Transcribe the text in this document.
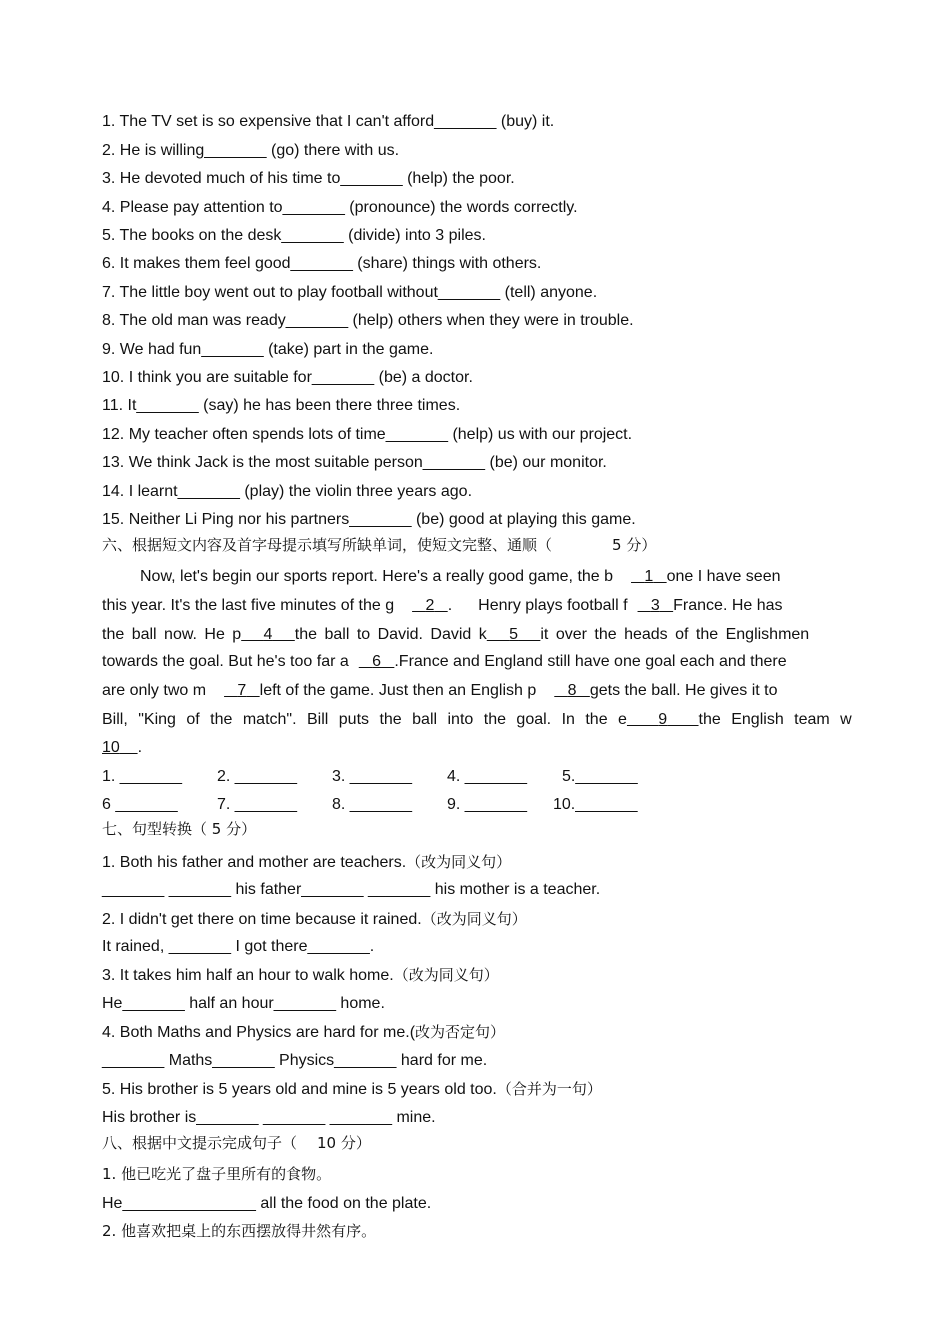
1. The TV set is so expensive that I can't afford_______ (buy) it.
2. He is willing_______ (go) there with us.
3. He devoted much of his time to_______ (help) the poor.
4. Please pay attention to_______ (pronounce) the words correctly.
5. The books on the desk_______ (divide) into 3 piles.
6. It makes them feel good_______ (share) things with others.
7. The little boy went out to play football without_______ (tell) anyone.
8. The old man was ready_______ (help) others when they were in trouble.
9. We had fun_______ (take) part in the game.
10. I think you are suitable for_______ (be) a doctor.
11. It_______ (say) he has been there three times.
12. My teacher often spends lots of time_______ (help) us with our project.
13. We think Jack is the most suitable person_______ (be) our monitor.
14. I learnt_______ (play) the violin three years ago.
15. Neither Li Ping nor his partners_______ (be) good at playing this game.
六、根据短文内容及首字母提示填写所缺单词，使短文完整、通顺（	5 分）
Now, let's begin our sports report. Here's a really good game, the b 1 one I have seen
this year. It's the last five minutes of the g 2 . Henry plays football f 3 France. He has
the ball now. He p 4 the ball to David. David k 5 it over the heads of the Englishmen
towards the goal. But he's too far a 6 .France and England still have one goal each and there
are only two m 7 left of the game. Just then an English p 8 gets the ball. He gives it to
Bill, "King of the match". Bill puts the ball into the goal. In the e 9 the English team w
10 .
1. _______ 2. _______ 3. _______ 4. _______ 5._______
6 _______ 7. _______ 8. _______ 9. _______ 10._______
七、句型转换（ 5 分）
1. Both his father and mother are teachers.（改为同义句）
_______ _______ his father_______ _______ his mother is a teacher.
2. I didn't get there on time because it rained.（改为同义句）
It rained, _______ I got there_______.
3. It takes him half an hour to walk home.（改为同义句）
He_______ half an hour_______ home.
4. Both Maths and Physics are hard for me.(改为否定句）
_______ Maths_______ Physics_______ hard for me.
5. His brother is 5 years old and mine is 5 years old too.（合并为一句）
His brother is_______ _______ _______ mine.
八、根据中文提示完成句子（ 10 分）
1. 他已吃光了盘子里所有的食物。
He_______________ all the food on the plate.
2. 他喜欢把桌上的东西摆放得井然有序。
